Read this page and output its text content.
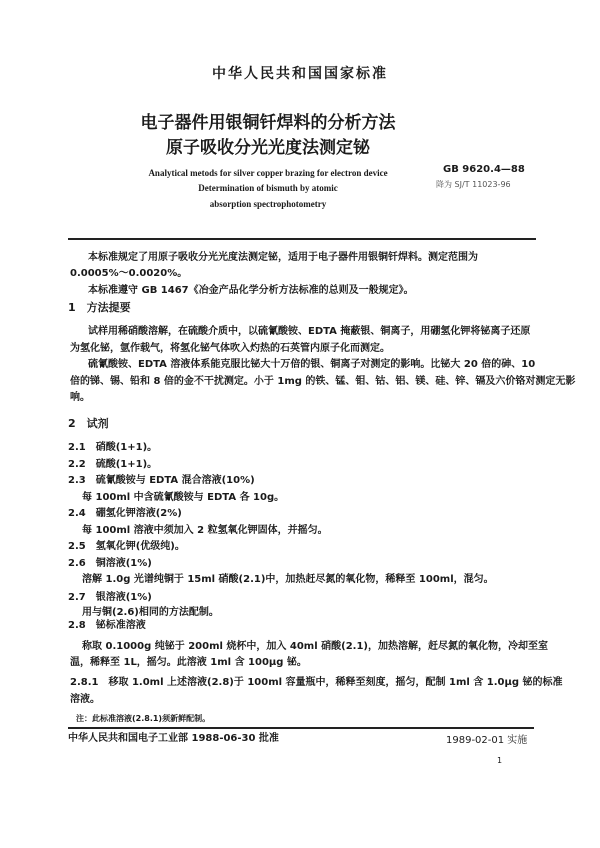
中华人民共和国国家标准
电子器件用银铜钎焊料的分析方法
原子吸收分光光度法测定铋
Analytical metods for silver copper brazing for electron device
Determination of bismuth by atomic
absorption spectrophotometry
GB 9620.4—88
降为 SJ/T 11023-96
本标准规定了用原子吸收分光光度法测定铋，适用于电子器件用银铜钎焊料。测定范围为
0.0005%～0.0020%。
本标准遵守 GB 1467《冶金产品化学分析方法标准的总则及一般规定》。
1　方法提要
试样用稀硝酸溶解，在硫酸介质中，以硫氰酸铵、EDTA 掩蔽银、铜离子，用硼氢化钾将铋离子还原
为氢化铋，氩作载气，将氢化铋气体吹入灼热的石英管内原子化而测定。
硫氰酸铵、EDTA 溶液体系能克服比铋大十万倍的银、铜离子对测定的影响。比铋大 20 倍的砷、10
倍的锑、锡、铅和 8 倍的金不干扰测定。小于 1mg 的铁、锰、钼、钴、铝、镁、硅、锌、镉及六价铬对测定无影
响。
2　试剂
2.1　硝酸(1+1)。
2.2　硫酸(1+1)。
2.3　硫氰酸铵与 EDTA 混合溶液(10%)
每 100ml 中含硫氰酸铵与 EDTA 各 10g。
2.4　硼氢化钾溶液(2%)
每 100ml 溶液中须加入 2 粒氢氧化钾固体，并摇匀。
2.5　氢氧化钾(优级纯)。
2.6　铜溶液(1%)
溶解 1.0g 光谱纯铜于 15ml 硝酸(2.1)中，加热赶尽氮的氧化物，稀释至 100ml，混匀。
2.7　银溶液(1%)
用与铜(2.6)相同的方法配制。
2.8　铋标准溶液
称取 0.1000g 纯铋于 200ml 烧杯中，加入 40ml 硝酸(2.1)，加热溶解，赶尽氮的氧化物，冷却至室
温，稀释至 1L，摇匀。此溶液 1ml 含 100μg 铋。
2.8.1　移取 1.0ml 上述溶液(2.8)于 100ml 容量瓶中，稀释至刻度，摇匀，配制 1ml 含 1.0μg 铋的标准
溶液。
注：此标准溶液(2.8.1)须新鲜配制。
中华人民共和国电子工业部 1988-06-30 批准	1989-02-01 实施
1
